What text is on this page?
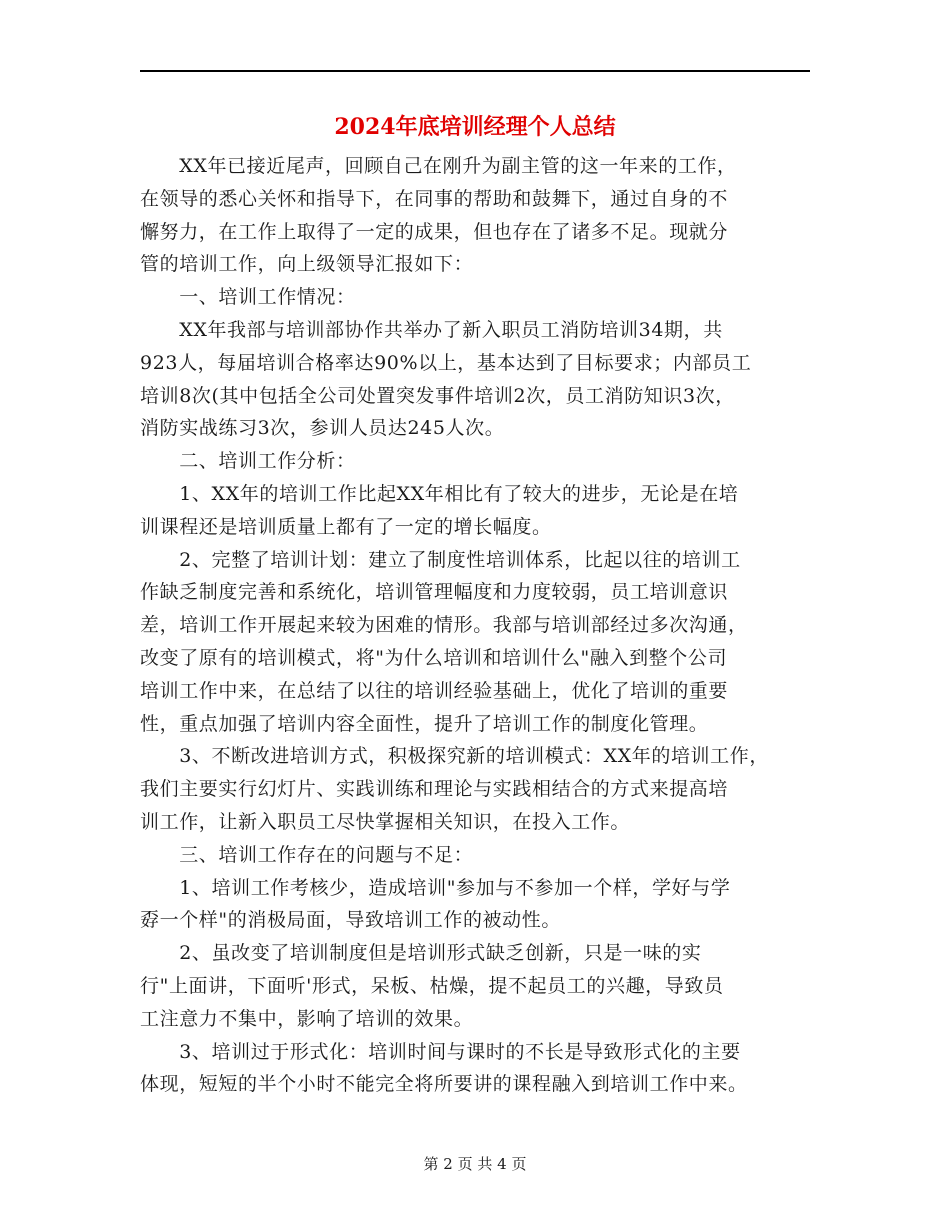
2024年底培训经理个人总结
　　XX年已接近尾声，回顾自己在刚升为副主管的这一年来的工作，
在领导的悉心关怀和指导下，在同事的帮助和鼓舞下，通过自身的不
懈努力，在工作上取得了一定的成果，但也存在了诸多不足。现就分
管的培训工作，向上级领导汇报如下：
　　一、培训工作情况：
　　XX年我部与培训部协作共举办了新入职员工消防培训34期，共
923人，每届培训合格率达90%以上，基本达到了目标要求；内部员工
培训8次(其中包括全公司处置突发事件培训2次，员工消防知识3次，
消防实战练习3次，参训人员达245人次。
　　二、培训工作分析：
　　1、XX年的培训工作比起XX年相比有了较大的进步，无论是在培
训课程还是培训质量上都有了一定的增长幅度。
　　2、完整了培训计划：建立了制度性培训体系，比起以往的培训工
作缺乏制度完善和系统化，培训管理幅度和力度较弱，员工培训意识
差，培训工作开展起来较为困难的情形。我部与培训部经过多次沟通，
改变了原有的培训模式，将"为什么培训和培训什么"融入到整个公司
培训工作中来，在总结了以往的培训经验基础上，优化了培训的重要
性，重点加强了培训内容全面性，提升了培训工作的制度化管理。
　　3、不断改进培训方式，积极探究新的培训模式：XX年的培训工作，
我们主要实行幻灯片、实践训练和理论与实践相结合的方式来提高培
训工作，让新入职员工尽快掌握相关知识，在投入工作。
　　三、培训工作存在的问题与不足：
　　1、培训工作考核少，造成培训"参加与不参加一个样，学好与学
孬一个样"的消极局面，导致培训工作的被动性。
　　2、虽改变了培训制度但是培训形式缺乏创新，只是一味的实
行"上面讲，下面听'形式，呆板、枯燥，提不起员工的兴趣，导致员
工注意力不集中，影响了培训的效果。
　　3、培训过于形式化：培训时间与课时的不长是导致形式化的主要
体现，短短的半个小时不能完全将所要讲的课程融入到培训工作中来。
第 2 页 共 4 页
